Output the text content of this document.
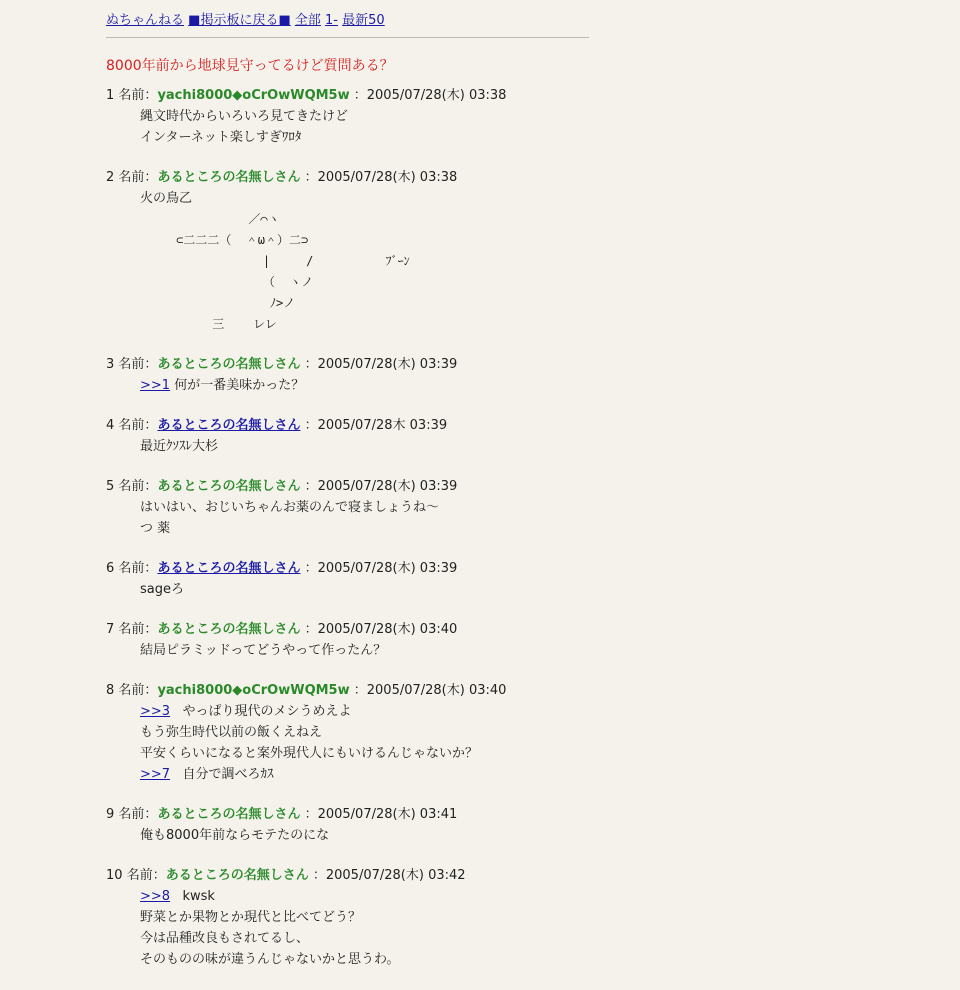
ぬちゃんねる ■掲示板に戻る■ 全部 1- 最新50
8000年前から地球見守ってるけど質問ある？
1 名前：yachi8000◆oCrOwWQM5w ：2005/07/28(木) 03:38
縄文時代からいろいろ見てきたけど
インターネット楽しすぎﾜﾛﾀ
2 名前：あるところの名無しさん ：2005/07/28(木) 03:38
火の鳥乙
／⌒ヽ
⊂二二二（  ＾ω＾）二⊃
|     /          ﾌﾞｰﾝ
（  ヽノ
ﾉ>ノ
三    レレ
3 名前：あるところの名無しさん ：2005/07/28(木) 03:39
>>1 何が一番美味かった？
4 名前：あるところの名無しさん ：2005/07/28木 03:39
最近ｸｿｽﾚ大杉
5 名前：あるところの名無しさん ：2005/07/28(木) 03:39
はいはい、おじいちゃんお薬のんで寝ましょうね～
つ 薬
6 名前：あるところの名無しさん ：2005/07/28(木) 03:39
sageろ
7 名前：あるところの名無しさん ：2005/07/28(木) 03:40
結局ピラミッドってどうやって作ったん？
8 名前：yachi8000◆oCrOwWQM5w ：2005/07/28(木) 03:40
>>3   やっぱり現代のメシうめえよ
もう弥生時代以前の飯くえねえ
平安くらいになると案外現代人にもいけるんじゃないか？
>>7   自分で調べろｶｽ
9 名前：あるところの名無しさん ：2005/07/28(木) 03:41
俺も8000年前ならモテたのにな
10 名前：あるところの名無しさん ：2005/07/28(木) 03:42
>>8   kwsk
野菜とか果物とか現代と比べてどう？
今は品種改良もされてるし、
そのものの味が違うんじゃないかと思うわ。
